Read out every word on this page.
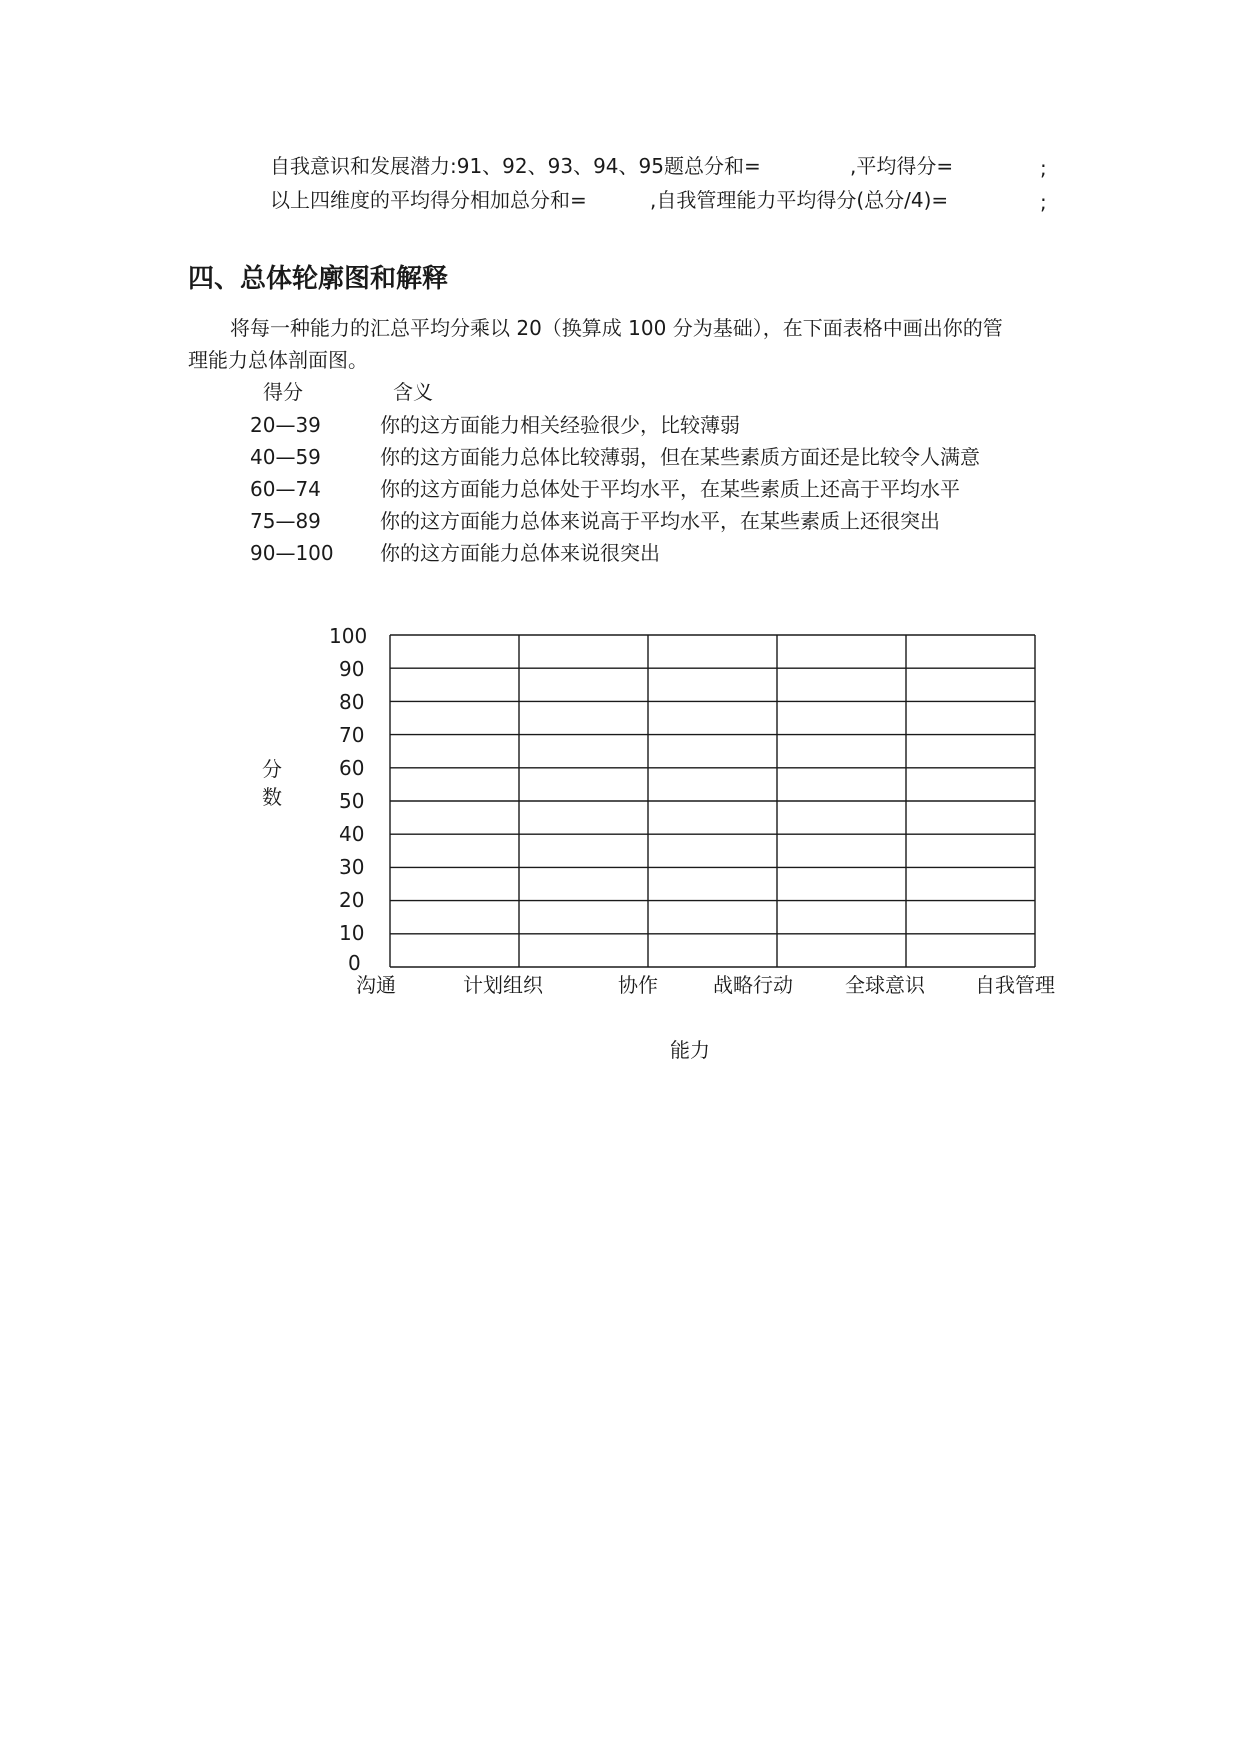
自我意识和发展潜力:91、92、93、94、95题总分和=	,平均得分=	;
以上四维度的平均得分相加总分和=	,自我管理能力平均得分(总分/4)=	;
四、总体轮廓图和解释
将每一种能力的汇总平均分乘以 20（换算成 100 分为基础），在下面表格中画出你的管
理能力总体剖面图。
得分	含义
20—39	你的这方面能力相关经验很少，比较薄弱
40—59	你的这方面能力总体比较薄弱，但在某些素质方面还是比较令人满意
60—74	你的这方面能力总体处于平均水平，在某些素质上还高于平均水平
75—89	你的这方面能力总体来说高于平均水平，在某些素质上还很突出
90—100 你的这方面能力总体来说很突出
分
数
100
90
80
70
60
50
40
30
20
10
0
沟通	计划组织	协作	战略行动	全球意识	自我管理
能力
